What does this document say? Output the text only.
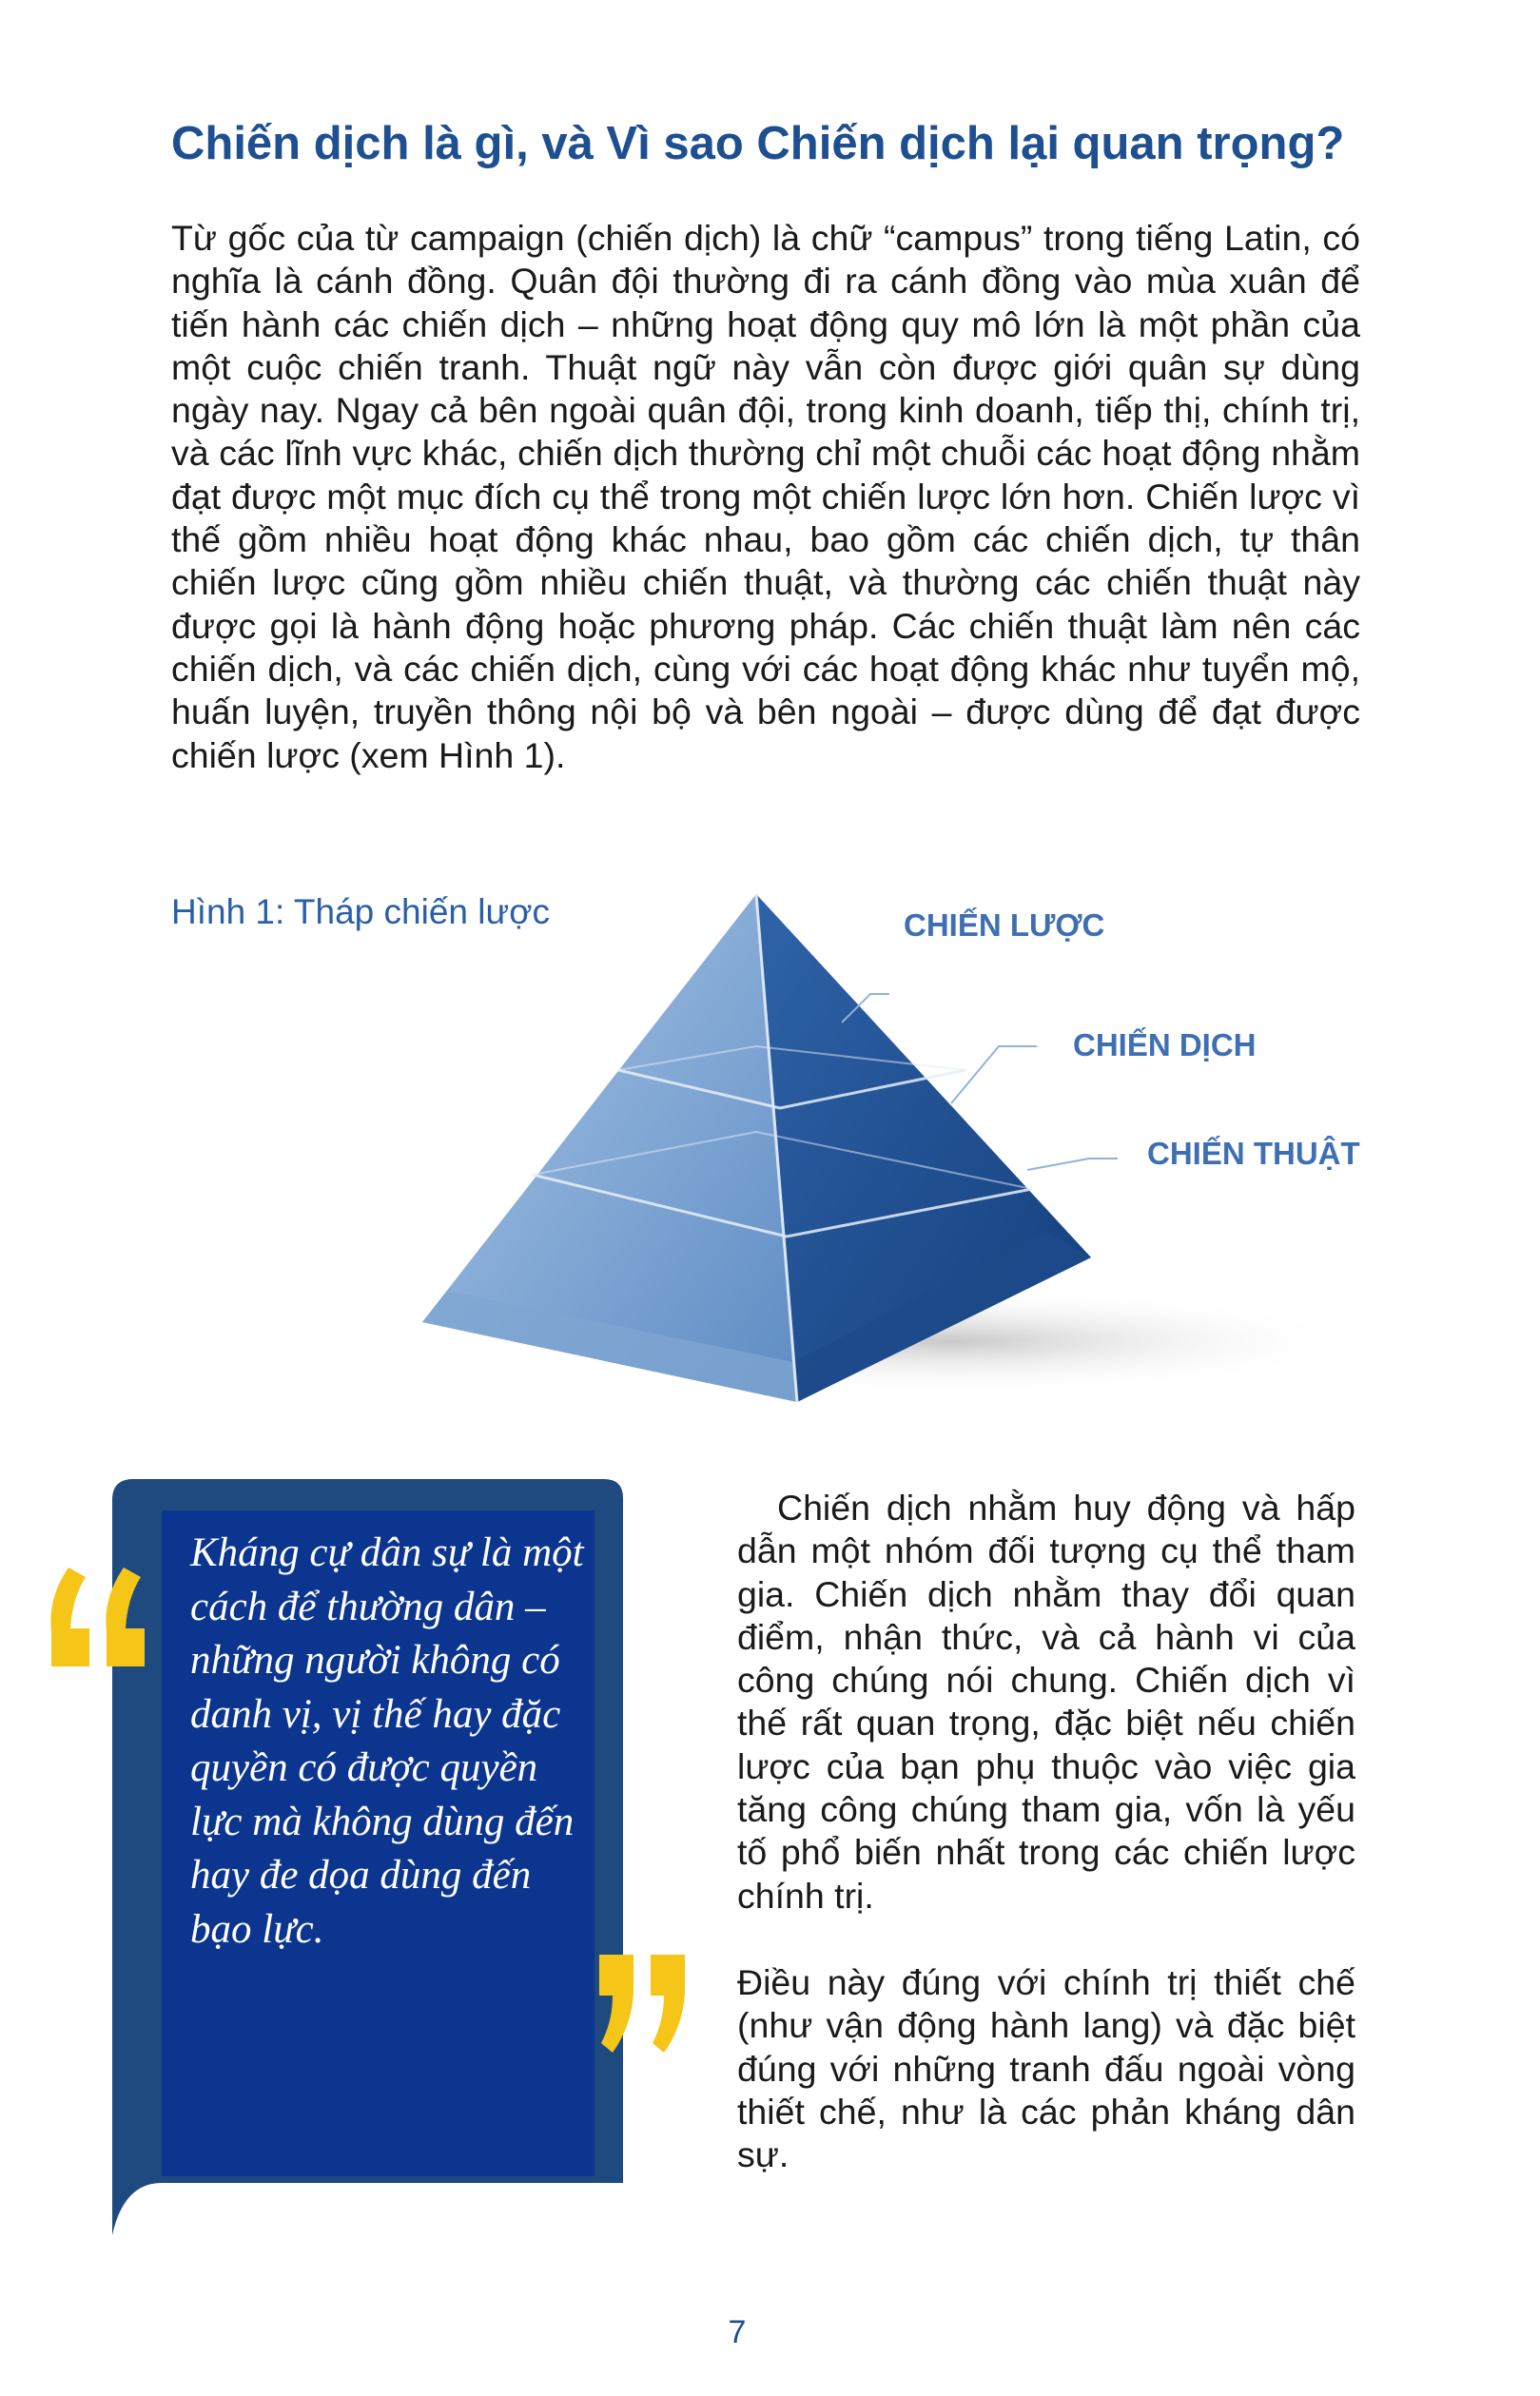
Chiến dịch là gì, và Vì sao Chiến dịch lại quan trọng?

Từ gốc của từ campaign (chiến dịch) là chữ “campus” trong tiếng Latin, có nghĩa là cánh đồng. Quân đội thường đi ra cánh đồng vào mùa xuân để tiến hành các chiến dịch – những hoạt động quy mô lớn là một phần của một cuộc chiến tranh. Thuật ngữ này vẫn còn được giới quân sự dùng ngày nay. Ngay cả bên ngoài quân đội, trong kinh doanh, tiếp thị, chính trị, và các lĩnh vực khác, chiến dịch thường chỉ một chuỗi các hoạt động nhằm đạt được một mục đích cụ thể trong một chiến lược lớn hơn. Chiến lược vì thế gồm nhiều hoạt động khác nhau, bao gồm các chiến dịch, tự thân chiến lược cũng gồm nhiều chiến thuật, và thường các chiến thuật này được gọi là hành động hoặc phương pháp. Các chiến thuật làm nên các chiến dịch, và các chiến dịch, cùng với các hoạt động khác như tuyển mộ, huấn luyện, truyền thông nội bộ và bên ngoài – được dùng để đạt được chiến lược (xem Hình 1).

Hình 1: Tháp chiến lược	CHIẾN LƯỢC
CHIẾN DỊCH
CHIẾN THUẬT

Kháng cự dân sự là một cách để thường dân – những người không có danh vị, vị thế hay đặc quyền có được quyền lực mà không dùng đến hay đe dọa dùng đến bạo lực.

Chiến dịch nhằm huy động và hấp dẫn một nhóm đối tượng cụ thể tham gia. Chiến dịch nhằm thay đổi quan điểm, nhận thức, và cả hành vi của công chúng nói chung. Chiến dịch vì thế rất quan trọng, đặc biệt nếu chiến lược của bạn phụ thuộc vào việc gia tăng công chúng tham gia, vốn là yếu tố phổ biến nhất trong các chiến lược chính trị.

Điều này đúng với chính trị thiết chế (như vận động hành lang) và đặc biệt đúng với những tranh đấu ngoài vòng thiết chế, như là các phản kháng dân sự.

7
